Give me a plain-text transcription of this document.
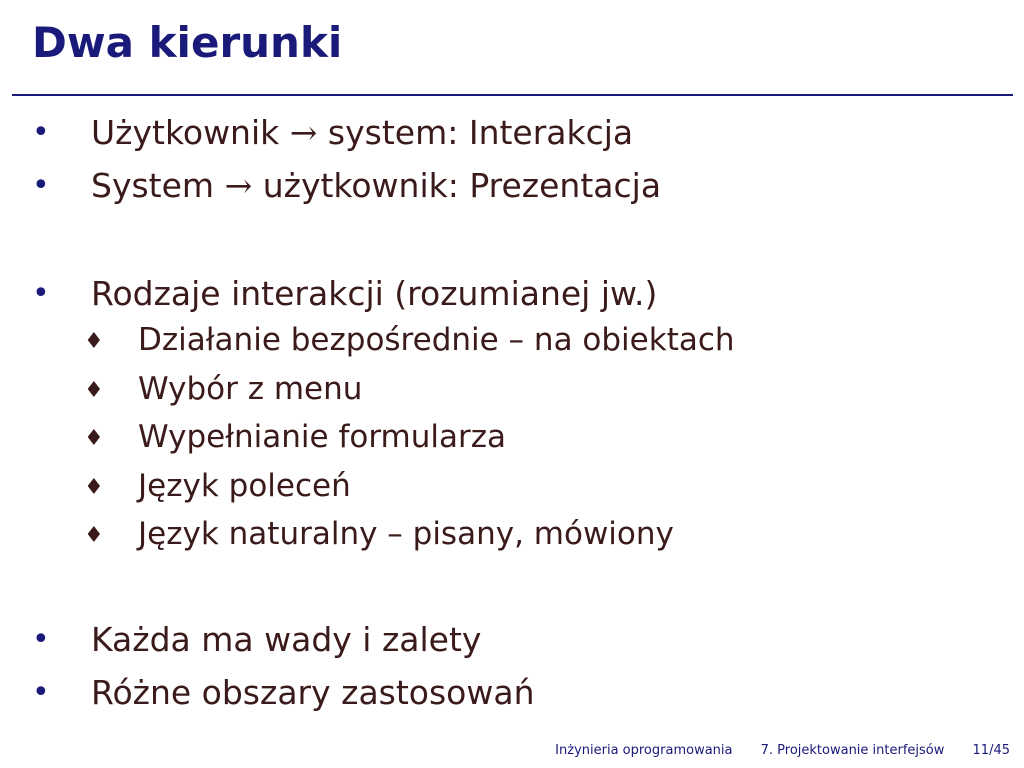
Dwa kierunki
• Użytkownik → system: Interakcja
• System → użytkownik: Prezentacja
• Rodzaje interakcji (rozumianej jw.)
♦ Działanie bezpośrednie – na obiektach
♦ Wybór z menu
♦ Wypełnianie formularza
♦ Język poleceń
♦ Język naturalny – pisany, mówiony
• Każda ma wady i zalety
• Różne obszary zastosowań
Inżynieria oprogramowania 7. Projektowanie interfejsów 11/45
